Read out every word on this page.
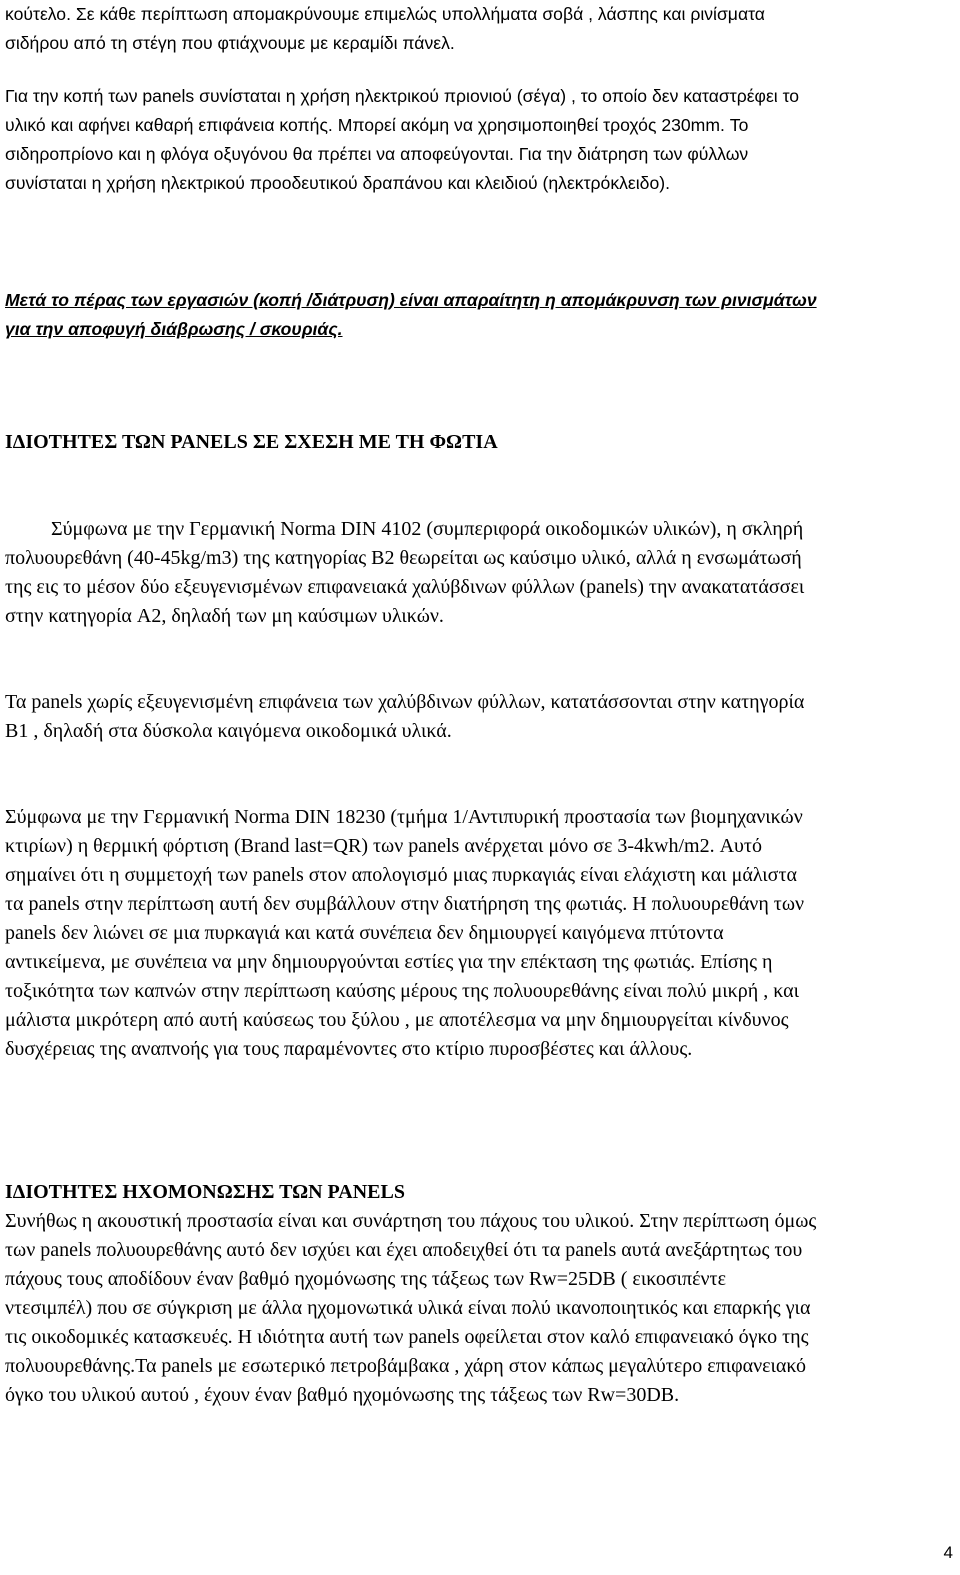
κούτελο. Σε κάθε περίπτωση απομακρύνουμε επιμελώς υπολλήματα σοβά , λάσπης και ρινίσματα σιδήρου από τη στέγη που φτιάχνουμε με κεραμίδι πάνελ.

Για την κοπή των panels συνίσταται η χρήση ηλεκτρικού πριονιού (σέγα) , το οποίο δεν καταστρέφει το υλικό και αφήνει καθαρή επιφάνεια κοπής. Μπορεί ακόμη να χρησιμοποιηθεί τροχός 230mm. Το σιδηροπρίονο και η φλόγα οξυγόνου θα πρέπει να αποφεύγονται. Για την διάτρηση των φύλλων συνίσταται η χρήση ηλεκτρικού προοδευτικού δραπάνου και κλειδιού (ηλεκτρόκλειδο).

Μετά το πέρας των εργασιών (κοπή /διάτρυση) είναι απαραίτητη η απομάκρυνση των ρινισμάτων για την αποφυγή διάβρωσης / σκουριάς.

ΙΔΙΟΤΗΤΕΣ ΤΩΝ PANELS ΣΕ ΣΧΕΣΗ ΜΕ ΤΗ ΦΩΤΙΑ

Σύμφωνα με την Γερμανική Norma DIN 4102 (συμπεριφορά οικοδομικών υλικών), η σκληρή πολυουρεθάνη (40-45kg/m3) της κατηγορίας B2 θεωρείται ως καύσιμο υλικό, αλλά η ενσωμάτωσή της εις το μέσον δύο εξευγενισμένων επιφανειακά χαλύβδινων φύλλων (panels) την ανακατατάσσει στην κατηγορία A2, δηλαδή των μη καύσιμων υλικών.

Τα panels χωρίς εξευγενισμένη επιφάνεια των χαλύβδινων φύλλων, κατατάσσονται στην κατηγορία B1 , δηλαδή στα δύσκολα καιγόμενα οικοδομικά υλικά.

Σύμφωνα με την Γερμανική Norma DIN 18230 (τμήμα 1/Αντιπυρική προστασία των βιομηχανικών κτιρίων) η θερμική φόρτιση (Brand last=QR) των panels ανέρχεται μόνο σε 3-4kwh/m2. Αυτό σημαίνει ότι η συμμετοχή των panels στον απολογισμό μιας πυρκαγιάς είναι ελάχιστη και μάλιστα τα panels στην περίπτωση αυτή δεν συμβάλλουν στην διατήρηση της φωτιάς. Η πολυουρεθάνη των panels δεν λιώνει σε μια πυρκαγιά και κατά συνέπεια δεν δημιουργεί καιγόμενα πτύτοντα αντικείμενα, με συνέπεια να μην δημιουργούνται εστίες για την επέκταση της φωτιάς. Επίσης η τοξικότητα των καπνών στην περίπτωση καύσης μέρους της πολυουρεθάνης είναι πολύ μικρή , και μάλιστα μικρότερη από αυτή καύσεως του ξύλου , με αποτέλεσμα να μην δημιουργείται κίνδυνος δυσχέρειας της αναπνοής για τους παραμένοντες στο κτίριο πυροσβέστες και άλλους.

ΙΔΙΟΤΗΤΕΣ ΗΧΟΜΟΝΩΣΗΣ ΤΩΝ PANELS

Συνήθως η ακουστική προστασία είναι και συνάρτηση του πάχους του υλικού. Στην περίπτωση όμως των panels πολυουρεθάνης αυτό δεν ισχύει και έχει αποδειχθεί ότι τα panels αυτά ανεξάρτητως του πάχους τους αποδίδουν έναν βαθμό ηχομόνωσης της τάξεως των Rw=25DB ( εικοσιπέντε ντεσιμπέλ) που σε σύγκριση με άλλα ηχομονωτικά υλικά είναι πολύ ικανοποιητικός και επαρκής για τις οικοδομικές κατασκευές. Η ιδιότητα αυτή των panels οφείλεται στον καλό επιφανειακό όγκο της πολυουρεθάνης.Τα panels με εσωτερικό πετροβάμβακα , χάρη στον κάπως μεγαλύτερο επιφανειακό όγκο του υλικού αυτού , έχουν έναν βαθμό ηχομόνωσης της τάξεως των Rw=30DB.

4
